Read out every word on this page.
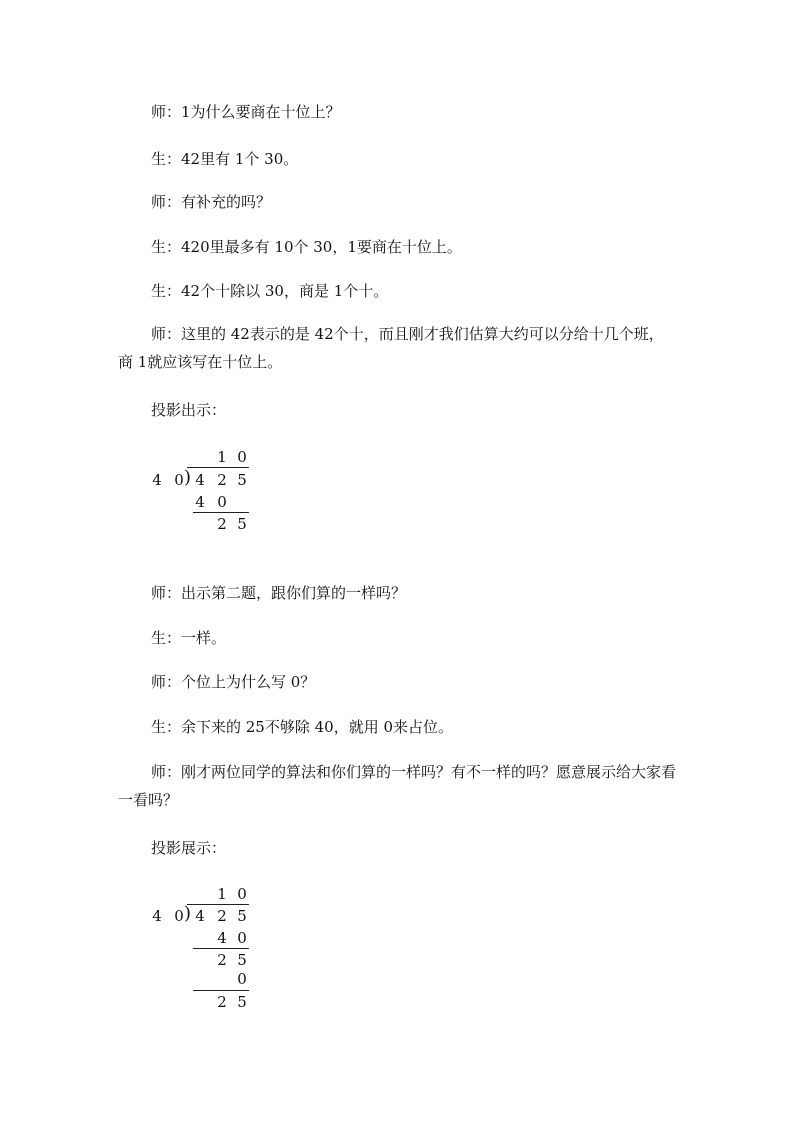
师：1为什么要商在十位上？

生：42里有 1个 30。

师：有补充的吗？

生：420里最多有 10个 30，1要商在十位上。

生：42个十除以 30，商是 1个十。

师：这里的 42表示的是 42个十，而且刚才我们估算大约可以分给十几个班，商 1就应该写在十位上。

投影出示：

1 0
4 0 ) 4 2 5
4 0
2 5

师：出示第二题，跟你们算的一样吗？

生：一样。

师：个位上为什么写 0？

生：余下来的 25不够除 40，就用 0来占位。

师：刚才两位同学的算法和你们算的一样吗？有不一样的吗？愿意展示给大家看一看吗？

投影展示：

1 0
4 0 ) 4 2 5
4 0
2 5
0
2 5
